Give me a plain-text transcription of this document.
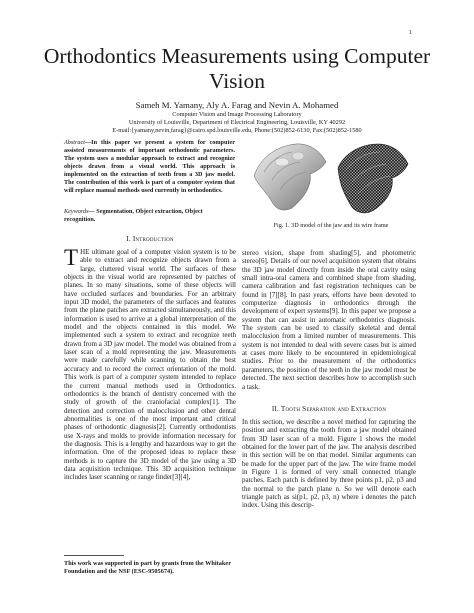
1
Orthodontics Measurements using Computer Vision
Sameh M. Yamany, Aly A. Farag and Nevin A. Mohamed
Computer Vision and Image Processing Laboratory
University of Louisville, Department of Electrical Engineering, Louisville, KY 40292
E-mail:{yamany,nevin,farag}@cairo.spd.louisville.edu, Phone:(502)852-6130, Fax:(502)852-1580
Abstract—In this paper we present a system for computer assisted measurements of important orthodontic parameters. The system uses a modular approach to extract and recognize objects drawn from a visual world. This approach is implemented on the extraction of teeth from a 3D jaw model. The contribution of this work is part of a computer system that will replace manual methods used currently in orthodontics.
Keywords— Segmentation, Object extraction, Object recognition.
I. Introduction
THE ultimate goal of a computer vision system is to be able to extract and recognize objects drawn from a large, cluttered visual world. The surfaces of these objects in the visual world are represented by patches of planes. In so many situations, some of these objects will have occluded surfaces and boundaries. For an arbitrary input 3D model, the parameters of the surfaces and features from the plane patches are extracted simultaneously, and this information is used to arrive at a global interpretation of the model and the objects contained in this model. We implemented such a system to extract and recognize teeth drawn from a 3D jaw model. The model was obtained from a laser scan of a mold representing the jaw. Measurements were made carefully while scanning to obtain the best accuracy and to record the correct orientation of the mold. This work is part of a computer system intended to replace the current manual methods used in Orthodontics. orthodontics is the branch of dentistry concerned with the study of growth of the craniofacial complex[1]. The detection and correction of malocclusion and other dental abnormalities is one of the most important and critical phases of orthodontic diagnosis[2]. Currently orthodontists use X-rays and molds to provide information necessary for the diagnosis. This is a lengthy and hazardous way to get the information. One of the proposed ideas to replace these methods is to capture the 3D model of the jaw using a 3D data acquisition technique. This 3D acquisition technique includes laser scanning or range finder[3][4],
This work was supported in part by grants from the Whitaker Foundation and the NSF (ESC-9505674).
Fig. 1. 3D model of the jaw and its wire frame
stereo vision, shape from shading[5], and photometric stereo[6]. Details of our novel acquisition system that obtains the 3D jaw model directly from inside the oral cavity using small intra-oral camera and combined shape from shading, camera calibration and fast registration techniques can be found in [7][8]. In past years, efforts have been devoted to computerize diagnosis in orthodontics through the development of expert systems[9]. In this paper we propose a system that can assist in automatic orthodontics diagnosis. The system can be used to classify skeletal and dental malocclusion from a limited number of measurements. This system is not intended to deal with severe cases but is aimed at cases more likely to be encountered in epidemiological studies. Prior to the measurement of the orthodontics parameters, the position of the teeth in the jaw model must be detected. The next section describes how to accomplish such a task.
II. Tooth Separation and Extraction
In this section, we describe a novel method for capturing the position and extracting the tooth from a jaw model obtained from 3D laser scan of a mold. Figure 1 shows the model obtained for the lower part of the jaw. The analysis described in this section will be on that model. Similar arguments can be made for the upper part of the jaw. The wire frame model in Figure 1 is formed of very small connected triangle patches. Each patch is defined by three points p1, p2, p3 and the normal to the patch plane n. So we will denote each triangle patch as si(p1, p2, p3, n) where i denotes the patch index. Using this descrip-
